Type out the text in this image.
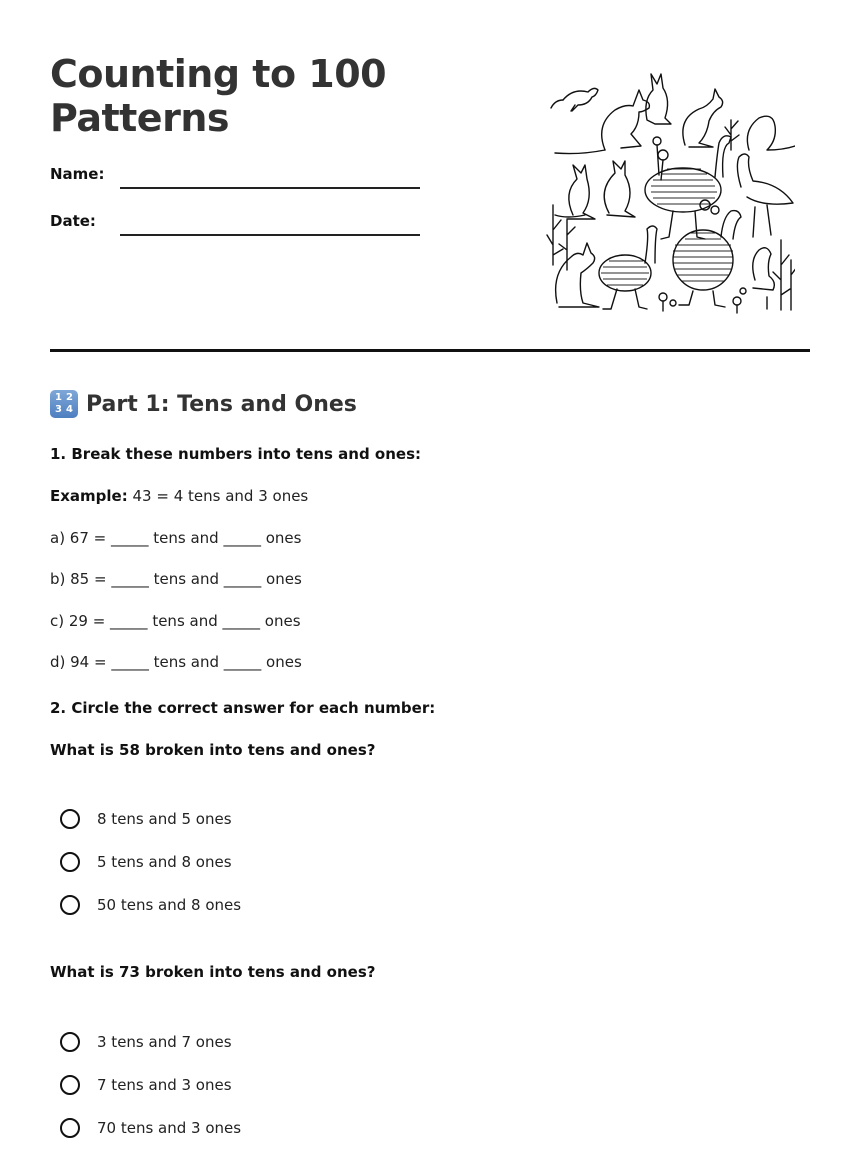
Counting to 100 Patterns
Name:
Date:
1 2
3 4 Part 1: Tens and Ones
1. Break these numbers into tens and ones:
Example: 43 = 4 tens and 3 ones
a) 67 = _____ tens and _____ ones
b) 85 = _____ tens and _____ ones
c) 29 = _____ tens and _____ ones
d) 94 = _____ tens and _____ ones
2. Circle the correct answer for each number:
What is 58 broken into tens and ones?
8 tens and 5 ones
5 tens and 8 ones
50 tens and 8 ones
What is 73 broken into tens and ones?
3 tens and 7 ones
7 tens and 3 ones
70 tens and 3 ones
